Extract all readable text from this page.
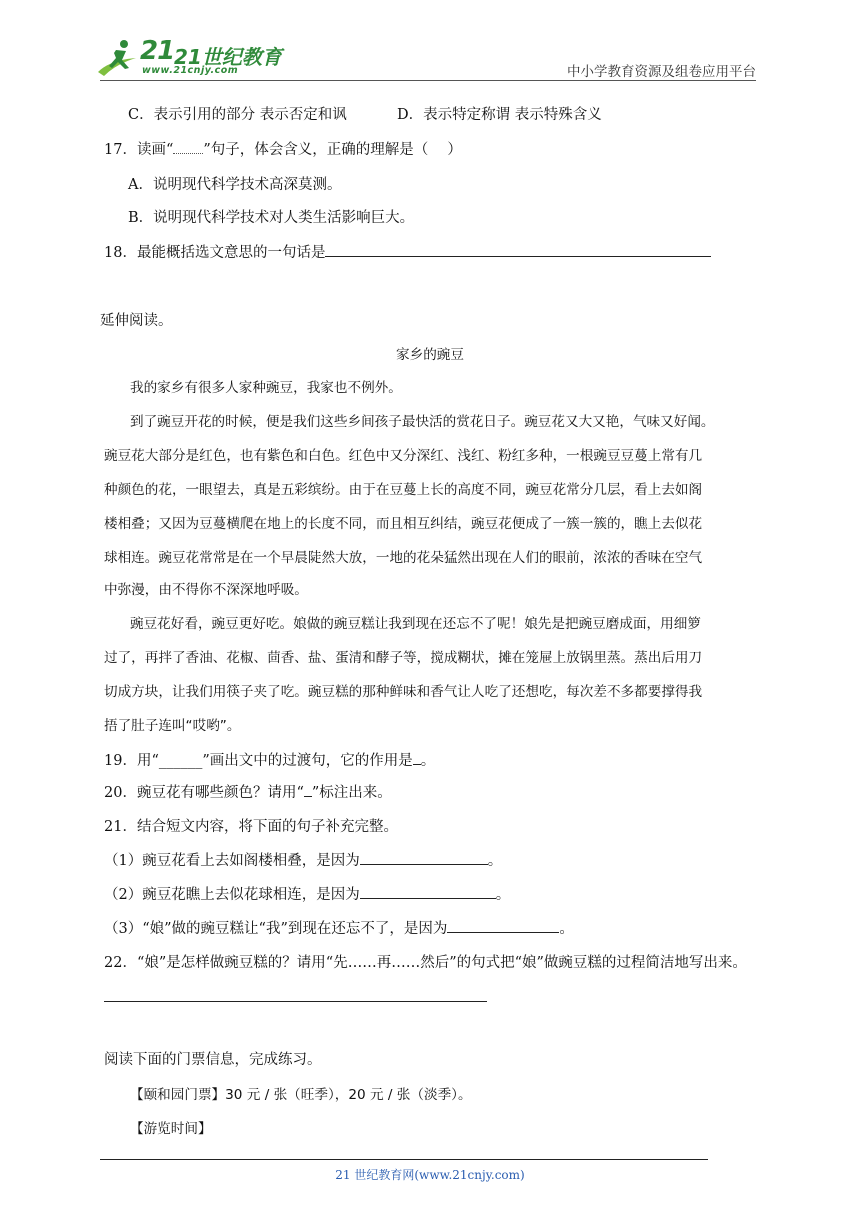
21 21世纪教育
www.21cnjy.com	中小学教育资源及组卷应用平台
C．表示引用的部分 表示否定和讽	D．表示特定称谓 表示特殊含义
17．读画“ ”句子，体会含义，正确的理解是（　 ）
A．说明现代科学技术高深莫测。
B．说明现代科学技术对人类生活影响巨大。
18．最能概括选文意思的一句话是
延伸阅读。
家乡的豌豆
我的家乡有很多人家种豌豆，我家也不例外。
到了豌豆开花的时候，便是我们这些乡间孩子最快活的赏花日子。豌豆花又大又艳，气味又好闻。
豌豆花大部分是红色，也有紫色和白色。红色中又分深红、浅红、粉红多种，一根豌豆豆蔓上常有几
种颜色的花，一眼望去，真是五彩缤纷。由于在豆蔓上长的高度不同，豌豆花常分几层，看上去如阁
楼相叠；又因为豆蔓横爬在地上的长度不同，而且相互纠结，豌豆花便成了一簇一簇的，瞧上去似花
球相连。豌豆花常常是在一个早晨陡然大放，一地的花朵猛然出现在人们的眼前，浓浓的香味在空气
中弥漫，由不得你不深深地呼吸。
豌豆花好看，豌豆更好吃。娘做的豌豆糕让我到现在还忘不了呢！娘先是把豌豆磨成面，用细箩
过了，再拌了香油、花椒、茴香、盐、蛋清和酵子等，搅成糊状，摊在笼屉上放锅里蒸。蒸出后用刀
切成方块，让我们用筷子夹了吃。豌豆糕的那种鲜味和香气让人吃了还想吃，每次差不多都要撑得我
捂了肚子连叫“哎哟”。
19．用“______”画出文中的过渡句，它的作用是 。
20．豌豆花有哪些颜色？请用“ ”标注出来。
21．结合短文内容，将下面的句子补充完整。
（1）豌豆花看上去如阁楼相叠，是因为	。
（2）豌豆花瞧上去似花球相连，是因为	。
（3）“娘”做的豌豆糕让“我”到现在还忘不了，是因为	。
22．“娘”是怎样做豌豆糕的？请用“先……再……然后”的句式把“娘”做豌豆糕的过程简洁地写出来。
阅读下面的门票信息，完成练习。
【颐和园门票】30 元 / 张（旺季），20 元 / 张（淡季）。
【游览时间】
21 世纪教育网(www.21cnjy.com)
